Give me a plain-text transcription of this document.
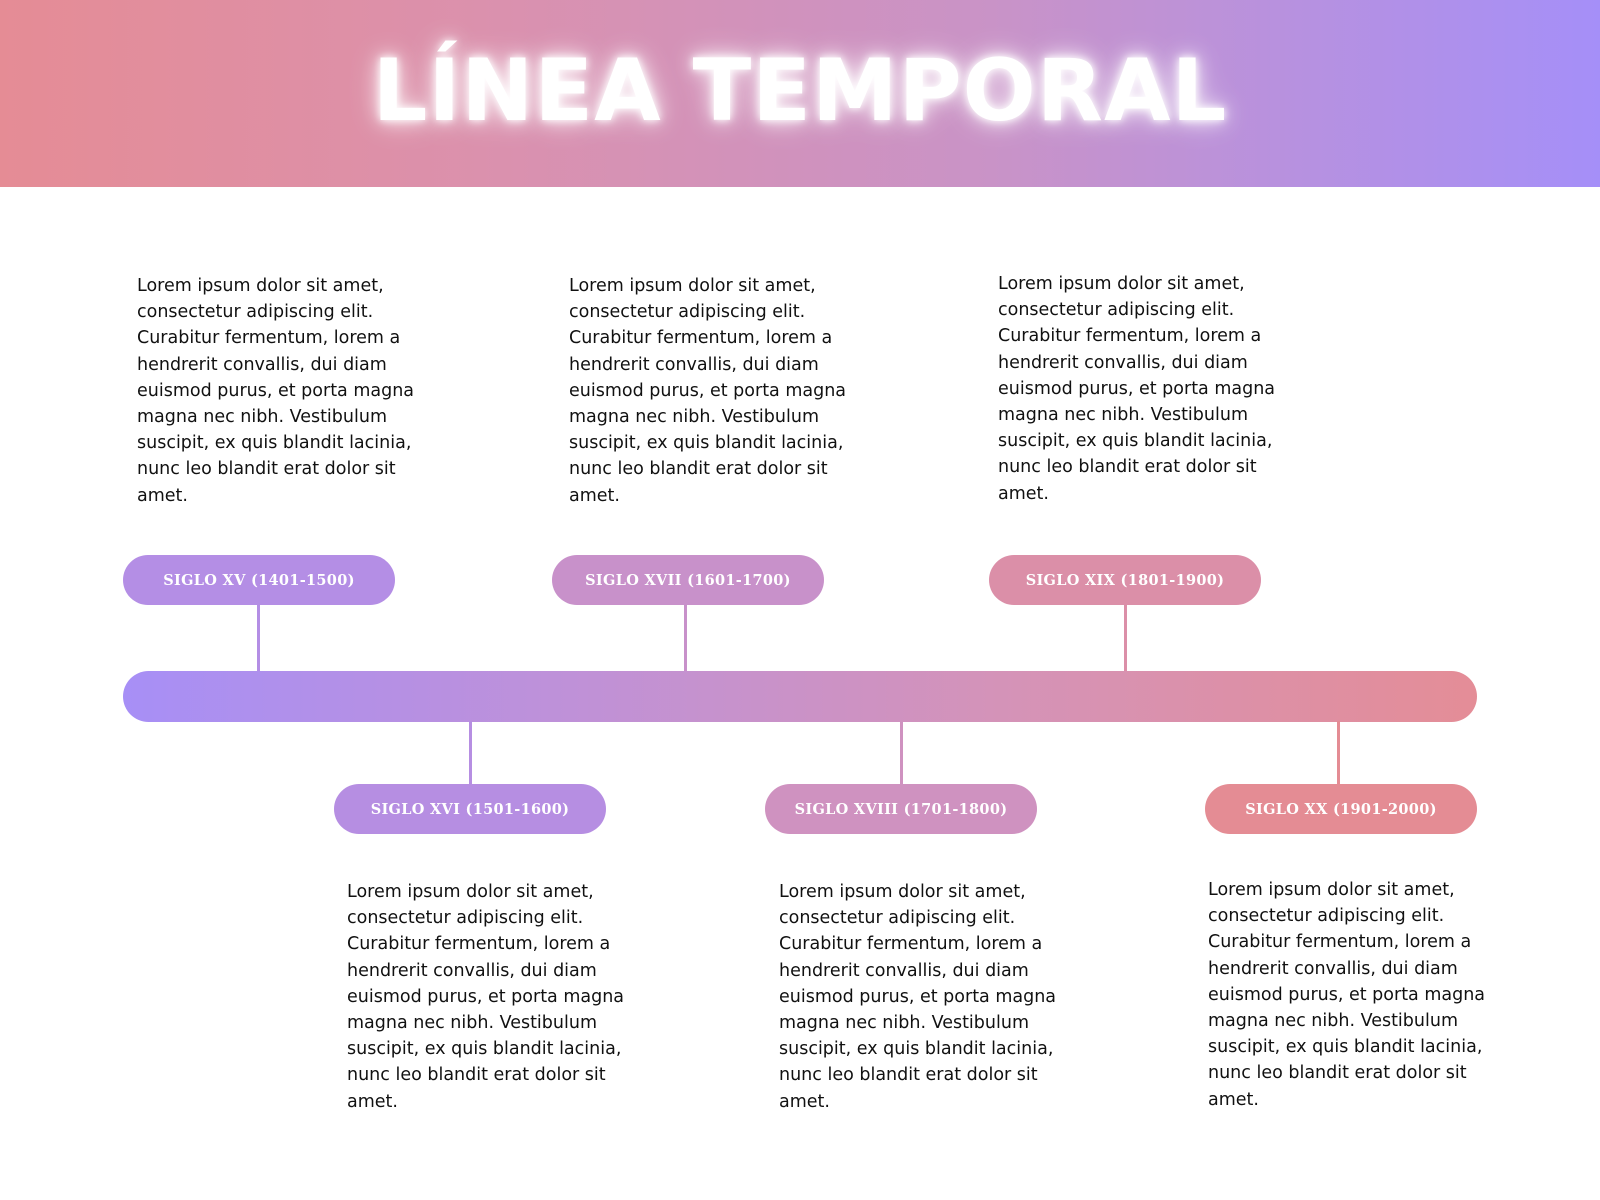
LÍNEA TEMPORAL

Lorem ipsum dolor sit amet, consectetur adipiscing elit. Curabitur fermentum, lorem a hendrerit convallis, dui diam euismod purus, et porta magna magna nec nibh. Vestibulum suscipit, ex quis blandit lacinia, nunc leo blandit erat dolor sit amet.

Lorem ipsum dolor sit amet, consectetur adipiscing elit. Curabitur fermentum, lorem a hendrerit convallis, dui diam euismod purus, et porta magna magna nec nibh. Vestibulum suscipit, ex quis blandit lacinia, nunc leo blandit erat dolor sit amet.

Lorem ipsum dolor sit amet, consectetur adipiscing elit. Curabitur fermentum, lorem a hendrerit convallis, dui diam euismod purus, et porta magna magna nec nibh. Vestibulum suscipit, ex quis blandit lacinia, nunc leo blandit erat dolor sit amet.

SIGLO XV (1401-1500)	SIGLO XVII (1601-1700)	SIGLO XIX (1801-1900)
SIGLO XVI (1501-1600)	SIGLO XVIII (1701-1800)	SIGLO XX (1901-2000)

Lorem ipsum dolor sit amet, consectetur adipiscing elit. Curabitur fermentum, lorem a hendrerit convallis, dui diam euismod purus, et porta magna magna nec nibh. Vestibulum suscipit, ex quis blandit lacinia, nunc leo blandit erat dolor sit amet.

Lorem ipsum dolor sit amet, consectetur adipiscing elit. Curabitur fermentum, lorem a hendrerit convallis, dui diam euismod purus, et porta magna magna nec nibh. Vestibulum suscipit, ex quis blandit lacinia, nunc leo blandit erat dolor sit amet.

Lorem ipsum dolor sit amet, consectetur adipiscing elit. Curabitur fermentum, lorem a hendrerit convallis, dui diam euismod purus, et porta magna magna nec nibh. Vestibulum suscipit, ex quis blandit lacinia, nunc leo blandit erat dolor sit amet.
